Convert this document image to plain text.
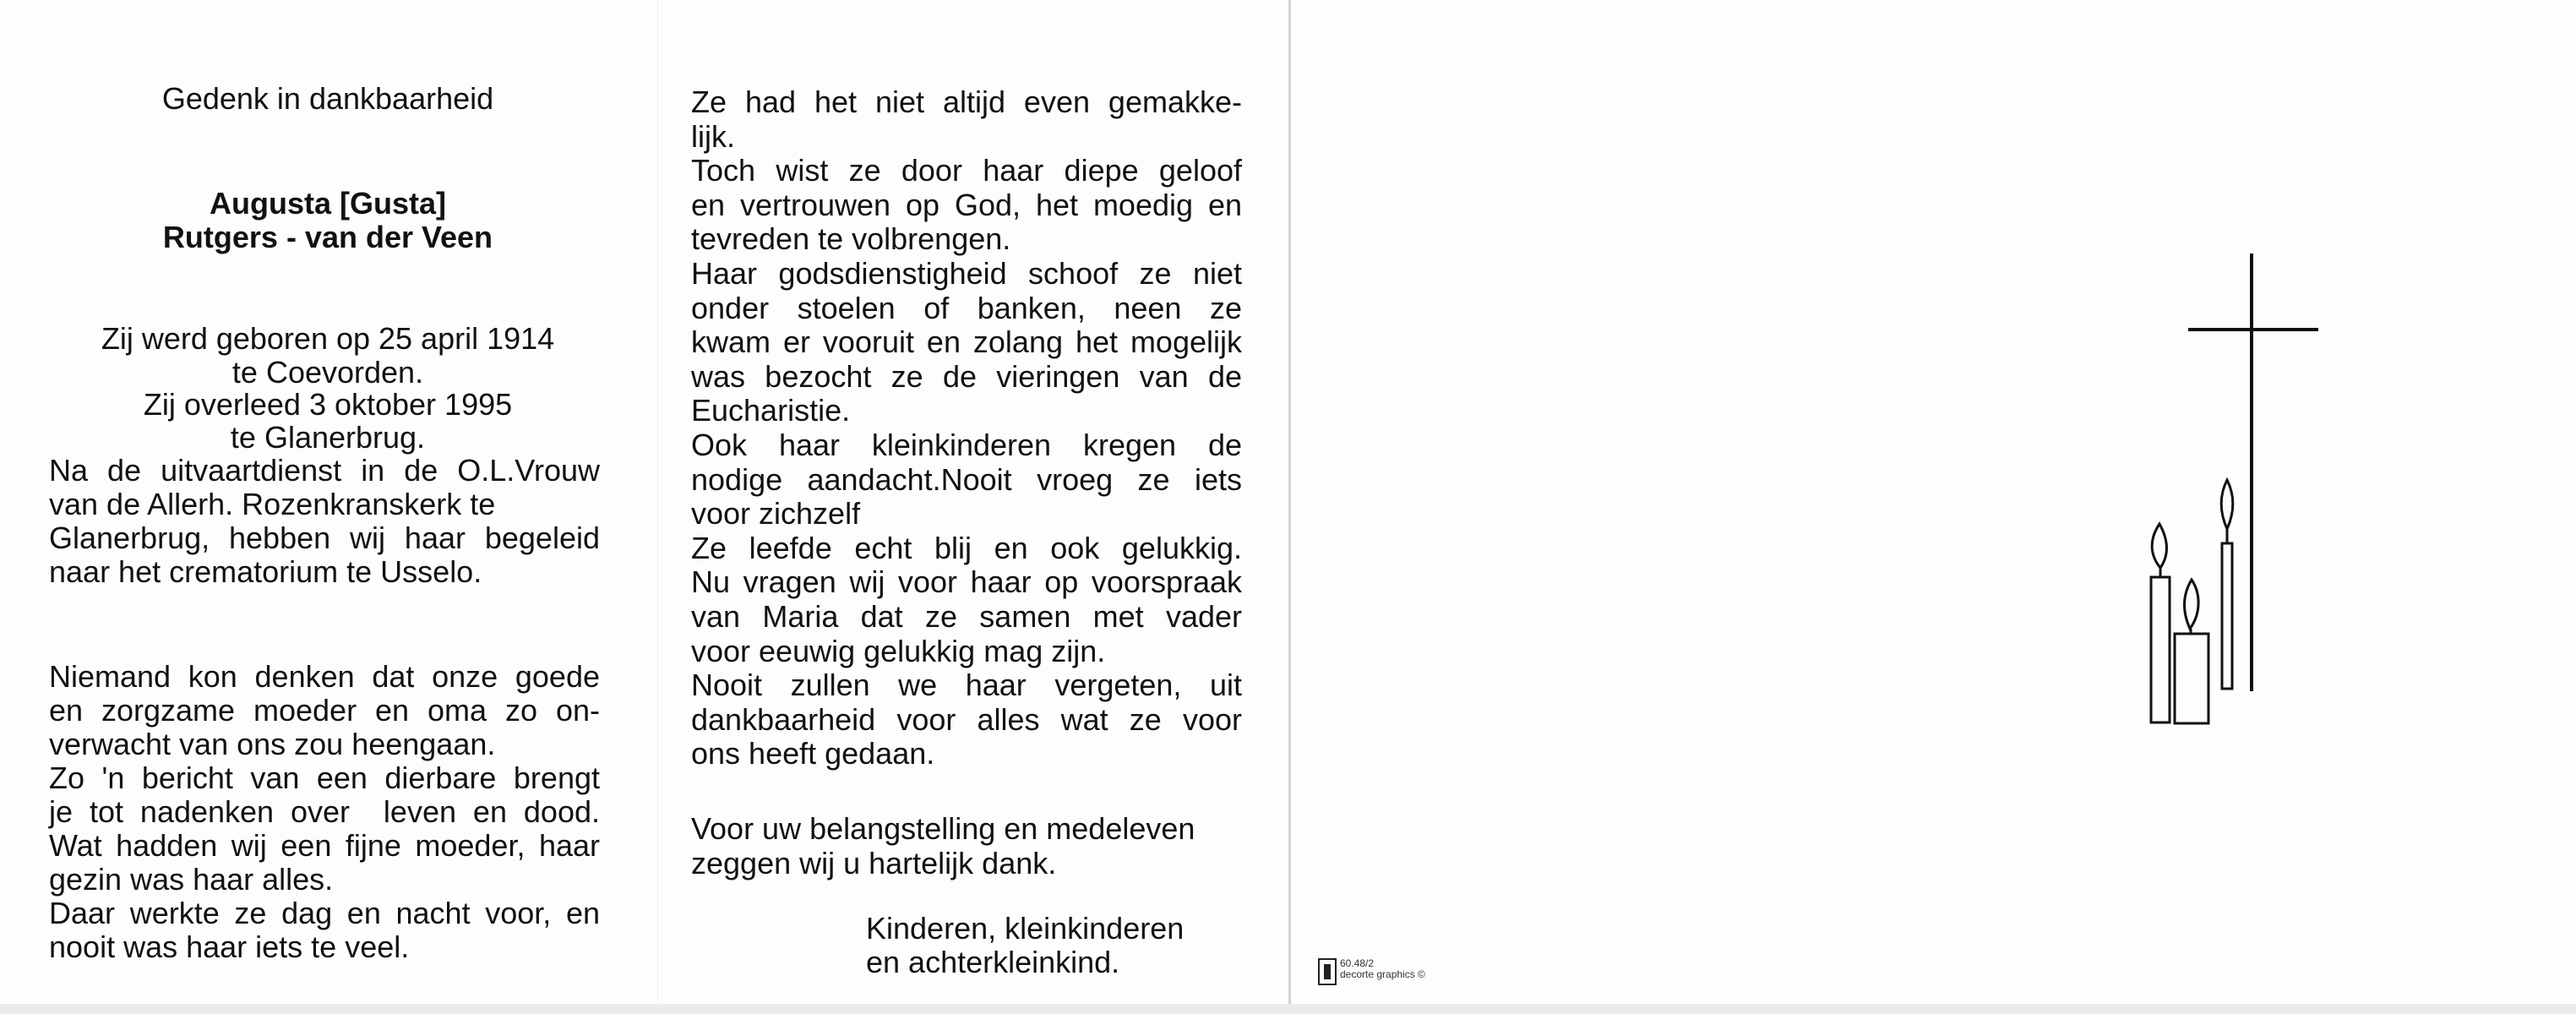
Gedenk in dankbaarheid
Augusta [Gusta]
Rutgers - van der Veen
Zij werd geboren op 25 april 1914
te Coevorden.
Zij overleed 3 oktober 1995
te Glanerbrug.
Na de uitvaartdienst in de O.L.Vrouw
van de Allerh. Rozenkranskerk te
Glanerbrug, hebben wij haar begeleid
naar het crematorium te Usselo.
Niemand kon denken dat onze goede
en zorgzame moeder en oma zo on-
verwacht van ons zou heengaan.
Zo 'n bericht van een dierbare brengt
je tot nadenken over  leven en dood.
Wat hadden wij een fijne moeder, haar
gezin was haar alles.
Daar werkte ze dag en nacht voor, en
nooit was haar iets te veel.
Ze had het niet altijd even gemakke-
lijk.
Toch wist ze door haar diepe geloof
en vertrouwen op God, het moedig en
tevreden te volbrengen.
Haar godsdienstigheid schoof ze niet
onder stoelen of banken, neen ze
kwam er vooruit en zolang het mogelijk
was bezocht ze de vieringen van de
Eucharistie.
Ook haar kleinkinderen kregen de
nodige aandacht.Nooit vroeg ze iets
voor zichzelf
Ze leefde echt blij en ook gelukkig.
Nu vragen wij voor haar op voorspraak
van Maria dat ze samen met vader
voor eeuwig gelukkig mag zijn.
Nooit zullen we haar vergeten, uit
dankbaarheid voor alles wat ze voor
ons heeft gedaan.
Voor uw belangstelling en medeleven
zeggen wij u hartelijk dank.
Kinderen, kleinkinderen
en achterkleinkind.	60.48/2
decorte graphics ©
